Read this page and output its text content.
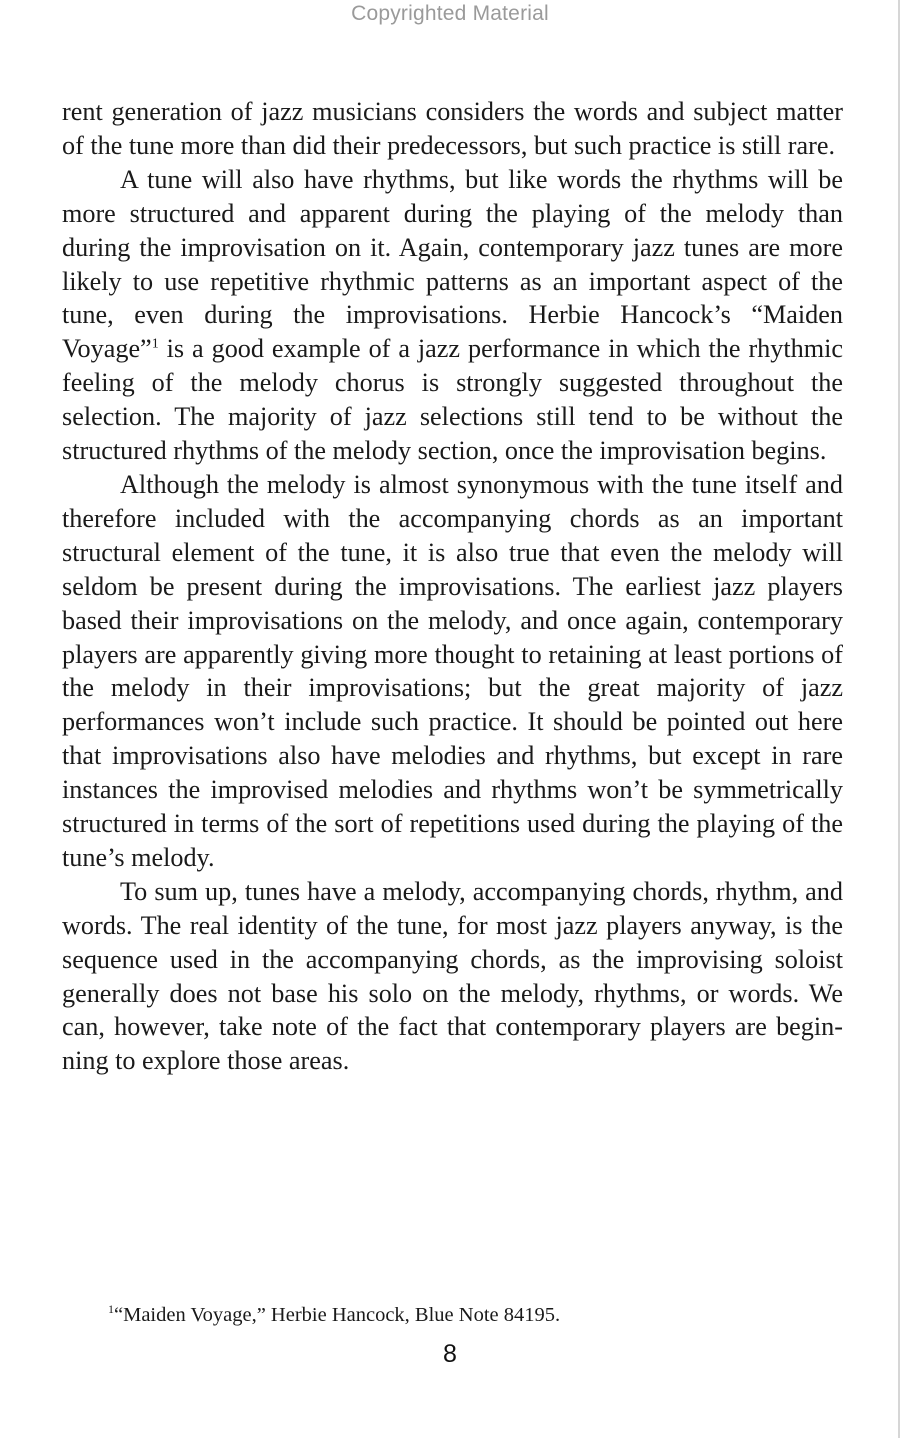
Copyrighted Material

rent generation of jazz musicians considers the words and subject matter of the tune more than did their predecessors, but such practice is still rare.

A tune will also have rhythms, but like words the rhythms will be more structured and apparent during the playing of the melody than during the improvisation on it. Again, contemporary jazz tunes are more likely to use repetitive rhythmic patterns as an important aspect of the tune, even during the improvisations. Herbie Hancock’s “Maiden Voyage”$^1$ is a good example of a jazz performance in which the rhythmic feeling of the melody chorus is strongly suggested throughout the selection. The majority of jazz selections still tend to be without the structured rhythms of the melody section, once the improvisation begins.

Although the melody is almost synonymous with the tune itself and therefore included with the accompanying chords as an important structural element of the tune, it is also true that even the melody will seldom be present during the improvisations. The earliest jazz players based their improvisations on the melody, and once again, contemporary players are apparently giving more thought to retaining at least portions of the melody in their improvisations; but the great majority of jazz performances won’t include such practice. It should be pointed out here that improvisations also have melodies and rhythms, but except in rare instances the improvised melodies and rhythms won’t be symmetrically structured in terms of the sort of repetitions used during the playing of the tune’s melody.

To sum up, tunes have a melody, accompanying chords, rhythm, and words. The real identity of the tune, for most jazz players anyway, is the sequence used in the accompanying chords, as the improvising soloist generally does not base his solo on the melody, rhythms, or words. We can, however, take note of the fact that contemporary players are beginning to explore those areas.

$^1$“Maiden Voyage,” Herbie Hancock, Blue Note 84195.
8
